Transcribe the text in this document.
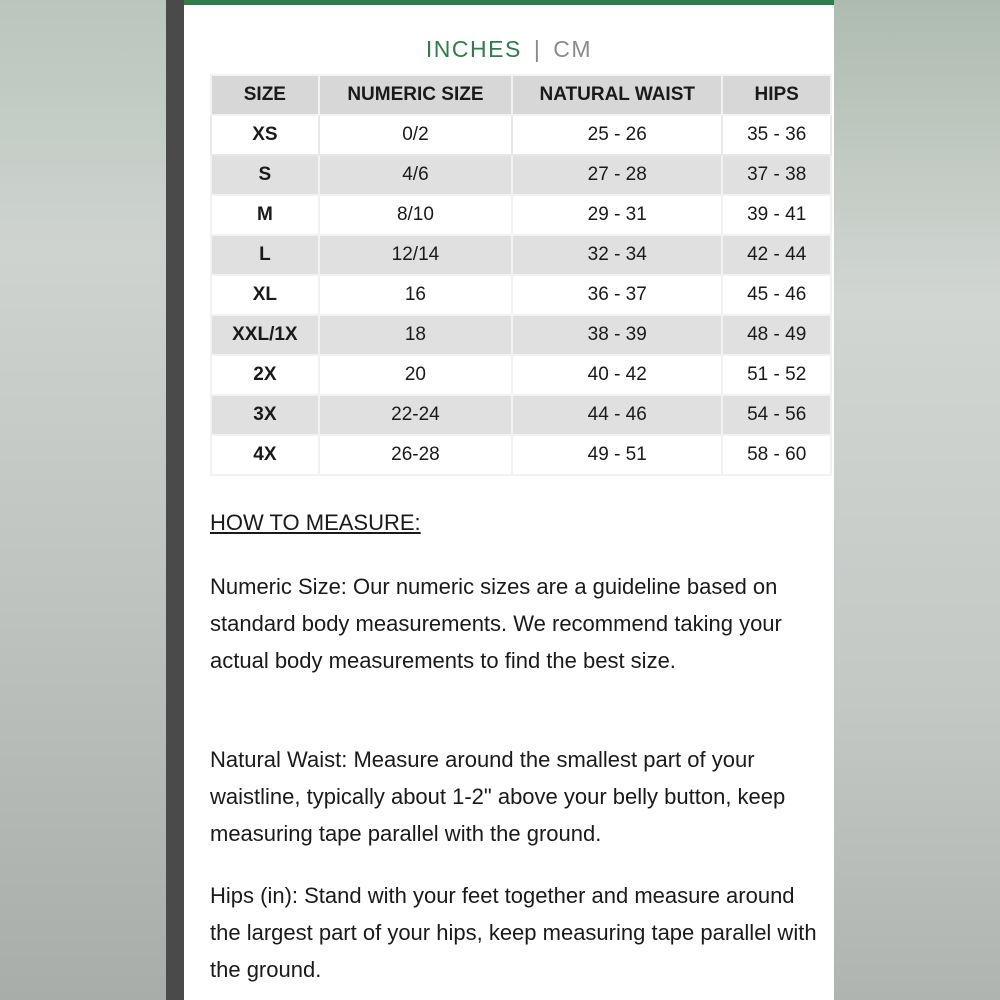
INCHES | CM
SIZE	NUMERIC SIZE	NATURAL WAIST	HIPS
XS	0/2	25 - 26	35 - 36
S	4/6	27 - 28	37 - 38
M	8/10	29 - 31	39 - 41
L	12/14	32 - 34	42 - 44
XL	16	36 - 37	45 - 46
XXL/1X	18	38 - 39	48 - 49
2X	20	40 - 42	51 - 52
3X	22-24	44 - 46	54 - 56
4X	26-28	49 - 51	58 - 60
HOW TO MEASURE:

Numeric Size: Our numeric sizes are a guideline based on standard body measurements. We recommend taking your actual body measurements to find the best size.

Natural Waist: Measure around the smallest part of your waistline, typically about 1-2" above your belly button, keep measuring tape parallel with the ground.

Hips (in): Stand with your feet together and measure around the largest part of your hips, keep measuring tape parallel with the ground.
